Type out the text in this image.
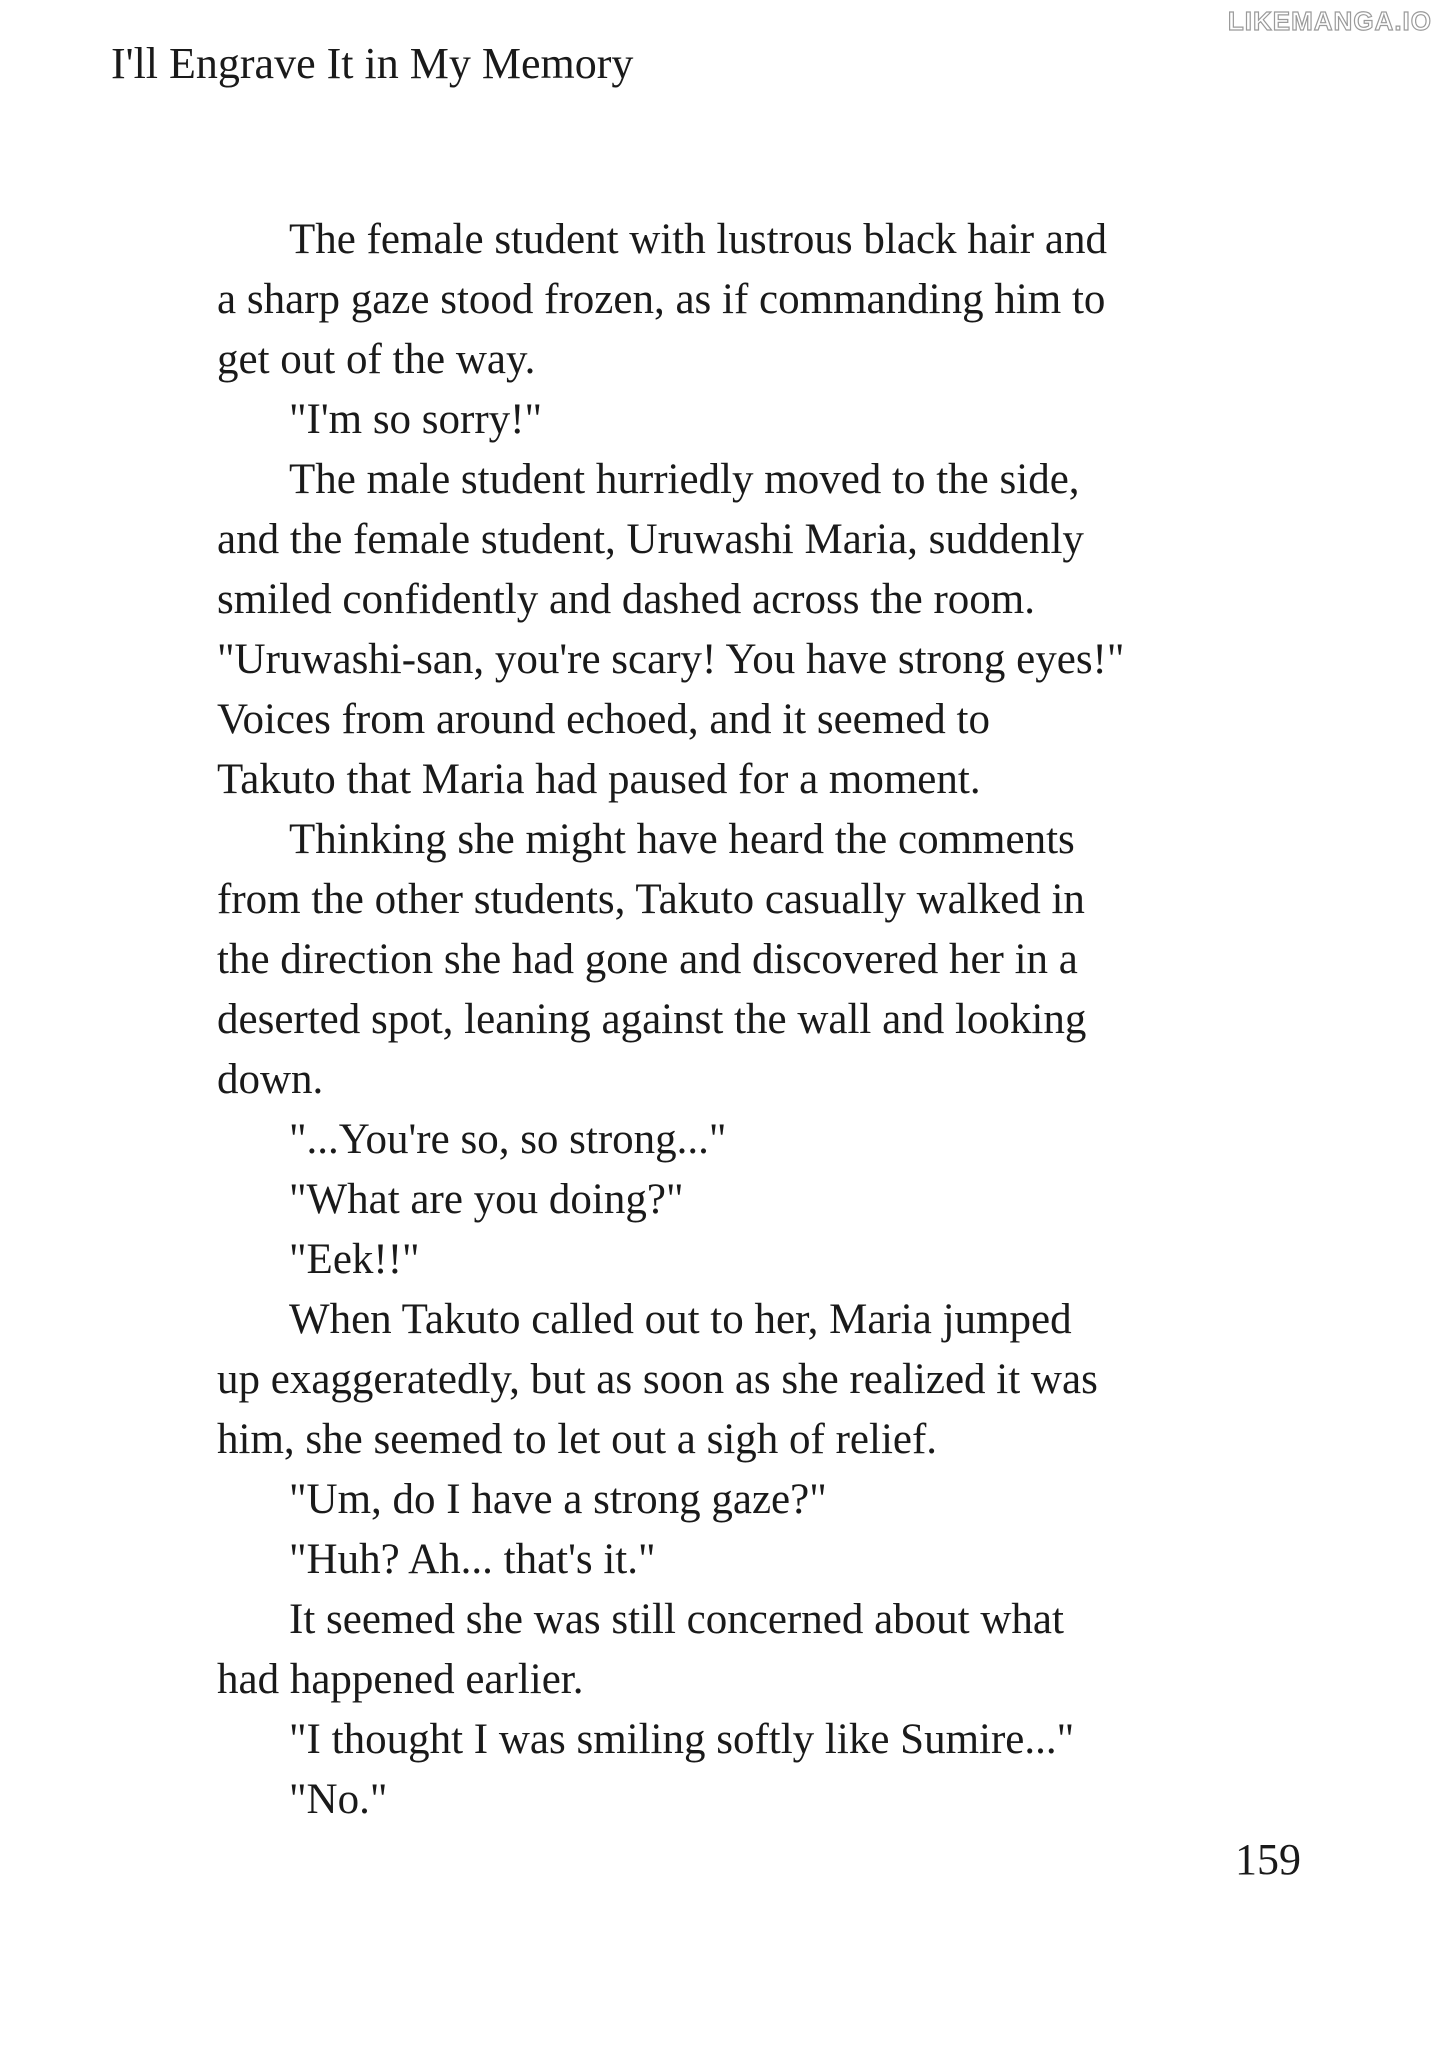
I'll Engrave It in My Memory
LIKEMANGA.IO
The female student with lustrous black hair and
a sharp gaze stood frozen, as if commanding him to
get out of the way.
"I'm so sorry!"
The male student hurriedly moved to the side,
and the female student, Uruwashi Maria, suddenly
smiled confidently and dashed across the room.
"Uruwashi-san, you're scary! You have strong eyes!"
Voices from around echoed, and it seemed to
Takuto that Maria had paused for a moment.
Thinking she might have heard the comments
from the other students, Takuto casually walked in
the direction she had gone and discovered her in a
deserted spot, leaning against the wall and looking
down.
"...You're so, so strong..."
"What are you doing?"
"Eek!!"
When Takuto called out to her, Maria jumped
up exaggeratedly, but as soon as she realized it was
him, she seemed to let out a sigh of relief.
"Um, do I have a strong gaze?"
"Huh? Ah... that's it."
It seemed she was still concerned about what
had happened earlier.
"I thought I was smiling softly like Sumire..."
"No."
159
